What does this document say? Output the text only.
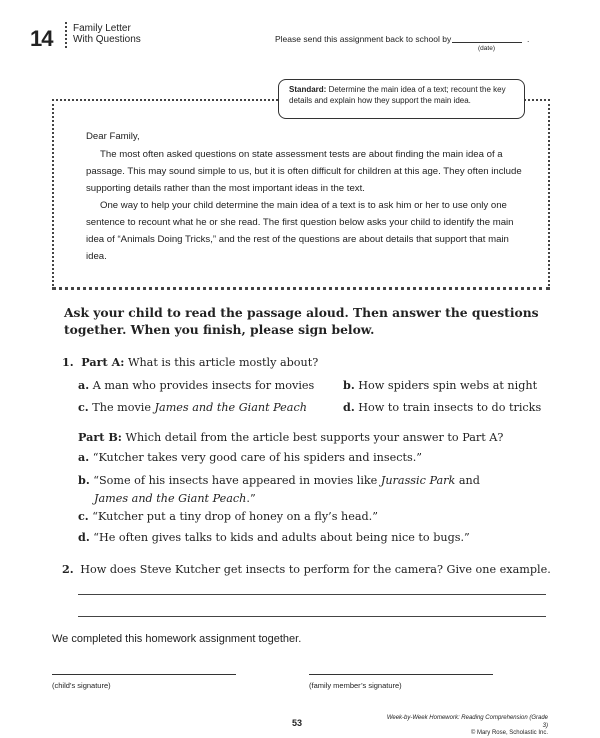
14 Family Letter
With Questions	Please send this assignment back to school by
(date)
.
Standard: Determine the main idea of a text; recount the key details and explain how they support the main idea.

Dear Family,

The most often asked questions on state assessment tests are about finding the main idea of a passage. This may sound simple to us, but it is often difficult for children at this age. They often include supporting details rather than the most important ideas in the text.

One way to help your child determine the main idea of a text is to ask him or her to use only one sentence to recount what he or she read. The first question below asks your child to identify the main idea of “Animals Doing Tricks,” and the rest of the questions are about details that support that main idea.

Ask your child to read the passage aloud. Then answer the questions together. When you finish, please sign below.
1. Part A: What is this article mostly about?
a. A man who provides insects for movies	b. How spiders spin webs at night
c. The movie James and the Giant Peach	d. How to train insects to do tricks
Part B: Which detail from the article best supports your answer to Part A?
a. “Kutcher takes very good care of his spiders and insects.”
b. “Some of his insects have appeared in movies like Jurassic Park and
James and the Giant Peach.”
c. “Kutcher put a tiny drop of honey on a fly’s head.”
d. “He often gives talks to kids and adults about being nice to bugs.”
2. How does Steve Kutcher get insects to perform for the camera? Give one example.
We completed this homework assignment together.
(child’s signature)	(family member’s signature)
53	Week-by-Week Homework: Reading Comprehension (Grade 3)
© Mary Rose, Scholastic Inc.
